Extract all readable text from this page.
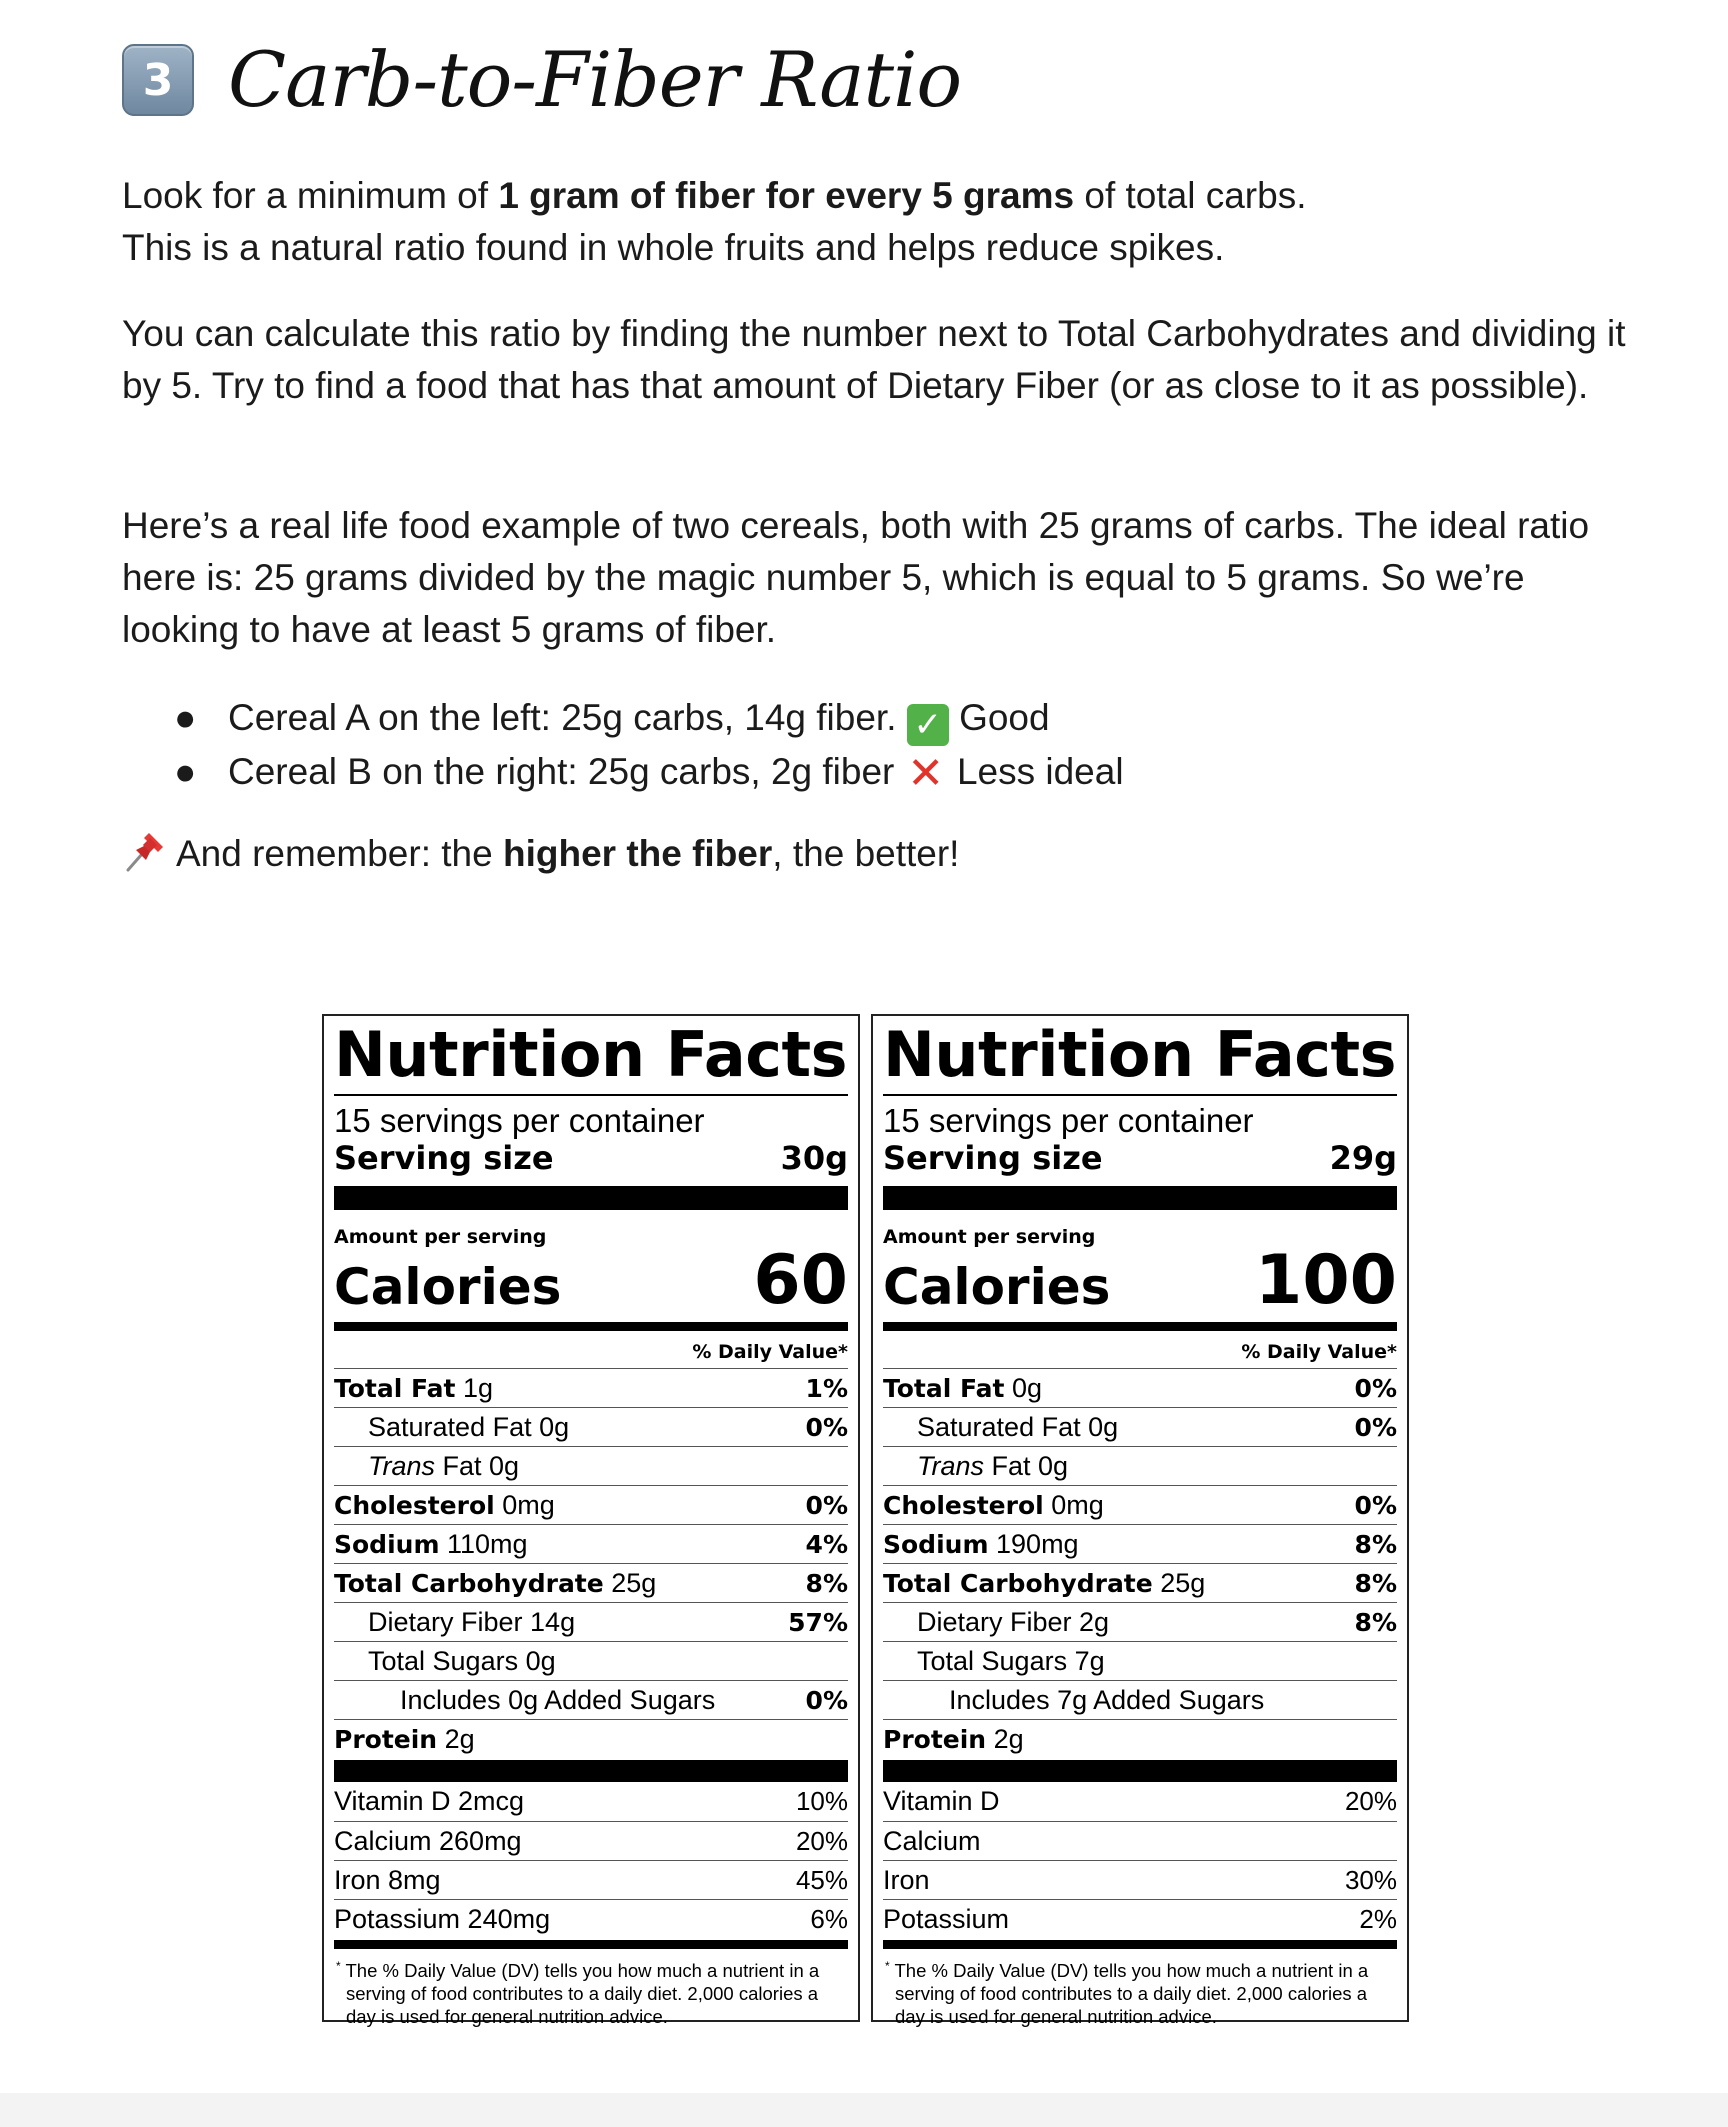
3 Carb-to-Fiber Ratio

Look for a minimum of 1 gram of fiber for every 5 grams of total carbs.

This is a natural ratio found in whole fruits and helps reduce spikes.

You can calculate this ratio by finding the number next to Total Carbohydrates and dividing it by 5. Try to find a food that has that amount of Dietary Fiber (or as close to it as possible).

Here’s a real life food example of two cereals, both with 25 grams of carbs. The ideal ratio here is: 25 grams divided by the magic number 5, which is equal to 5 grams. So we’re looking to have at least 5 grams of fiber.

● Cereal A on the left: 25g carbs, 14g fiber. ✓ Good
● Cereal B on the right: 25g carbs, 2g fiber ✕ Less ideal
And remember: the higher the fiber, the better!
Nutrition Facts
15 servings per container
Serving size	30g
Amount per serving
Calories	60
% Daily Value*
Total Fat 1g	1%
Saturated Fat 0g	0%
Trans Fat 0g
Cholesterol 0mg	0%
Sodium 110mg	4%
Total Carbohydrate 25g	8%
Dietary Fiber 14g	57%
Total Sugars 0g
Includes 0g Added Sugars	0%
Protein 2g
Vitamin D 2mcg	10%
Calcium 260mg	20%
Iron 8mg	45%
Potassium 240mg	6%
* The % Daily Value (DV) tells you how much a nutrient in a serving of food contributes to a daily diet. 2,000 calories a day is used for general nutrition advice.
Nutrition Facts
15 servings per container
Serving size	29g
Amount per serving
Calories 100
% Daily Value*
Total Fat 0g	0%
Saturated Fat 0g	0%
Trans Fat 0g
Cholesterol 0mg	0%
Sodium 190mg	8%
Total Carbohydrate 25g	8%
Dietary Fiber 2g	8%
Total Sugars 7g
Includes 7g Added Sugars
Protein 2g
Vitamin D	20%
Calcium
Iron	30%
Potassium	2%
* The % Daily Value (DV) tells you how much a nutrient in a serving of food contributes to a daily diet. 2,000 calories a day is used for general nutrition advice.
